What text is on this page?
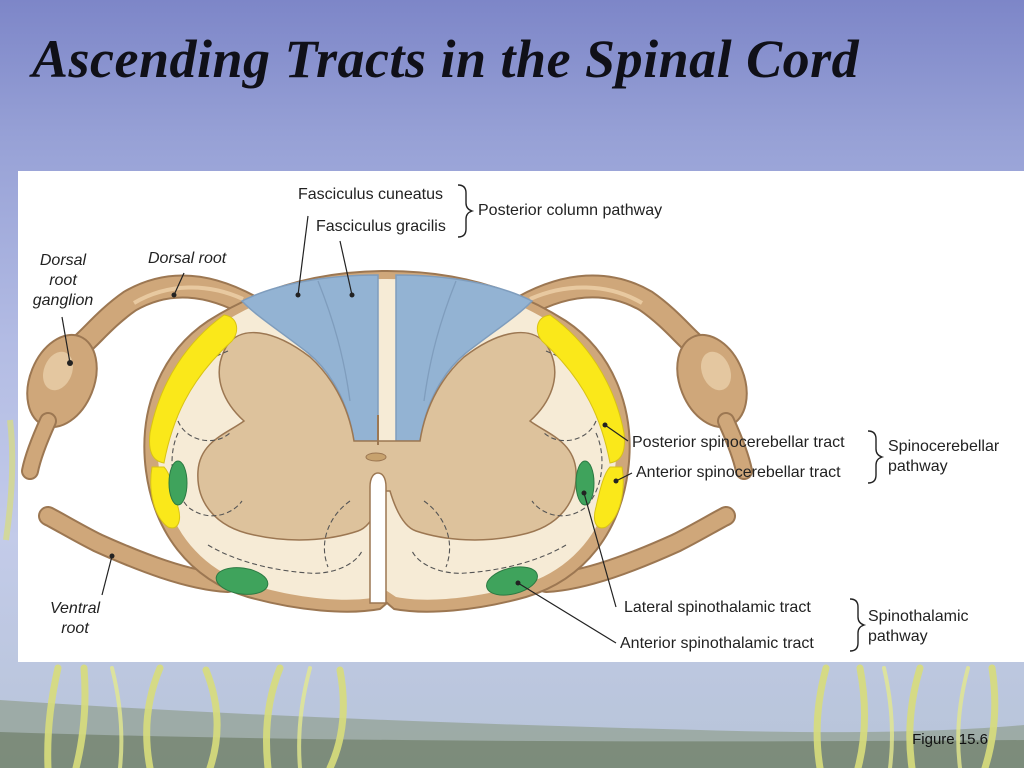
Ascending Tracts in the Spinal Cord
Fasciculus cuneatus
Fasciculus gracilis
Posterior column pathway
Dorsal
root
ganglion
Dorsal root
Ventral
root
Posterior spinocerebellar tract
Anterior spinocerebellar tract
Spinocerebellar
pathway
Lateral spinothalamic tract
Anterior spinothalamic tract
Spinothalamic
pathway
Figure 15.6
